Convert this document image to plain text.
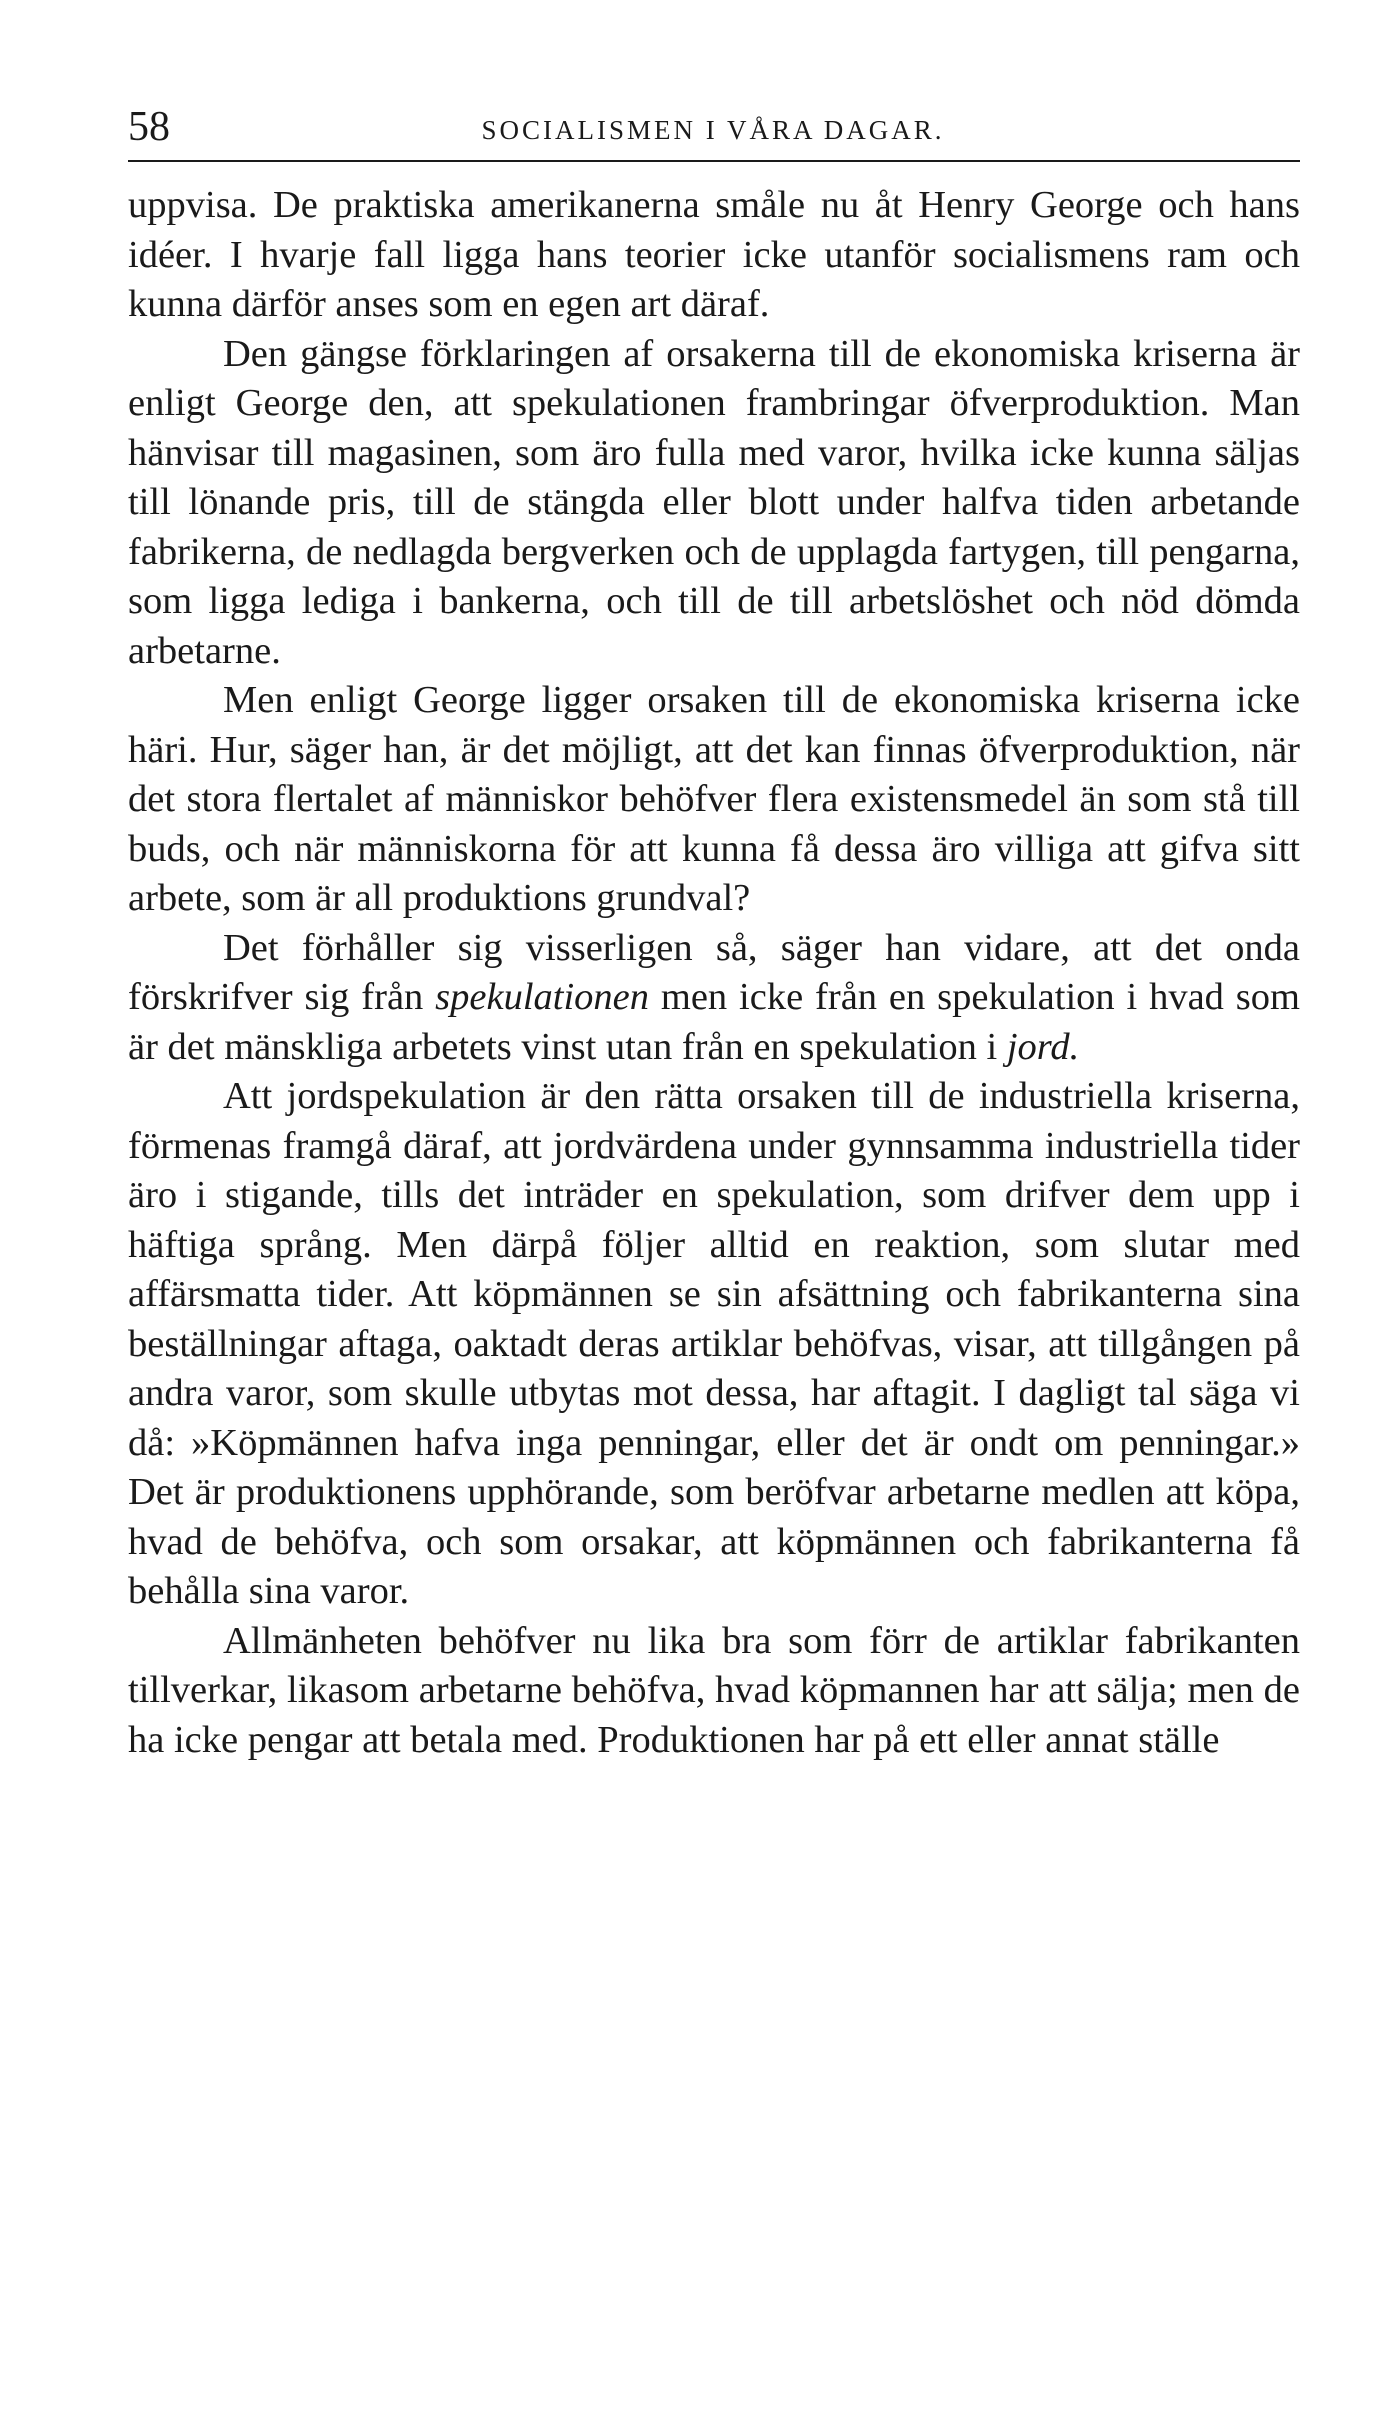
58	SOCIALISMEN I VÅRA DAGAR.

uppvisa. De praktiska amerikanerna småle nu åt Henry George och hans idéer. I hvarje fall ligga hans teorier icke utanför socialismens ram och kunna därför anses som en egen art däraf.

Den gängse förklaringen af orsakerna till de ekonomiska kriserna är enligt George den, att spekulationen frambringar öfverproduktion. Man hänvisar till magasinen, som äro fulla med varor, hvilka icke kunna säljas till lönande pris, till de stängda eller blott under halfva tiden arbetande fabrikerna, de nedlagda bergverken och de upplagda fartygen, till pengarna, som ligga lediga i bankerna, och till de till arbetslöshet och nöd dömda arbetarne.

Men enligt George ligger orsaken till de ekonomiska kriserna icke häri. Hur, säger han, är det möjligt, att det kan finnas öfverproduktion, när det stora flertalet af människor behöfver flera existensmedel än som stå till buds, och när människorna för att kunna få dessa äro villiga att gifva sitt arbete, som är all produktions grundval?

Det förhåller sig visserligen så, säger han vidare, att det onda förskrifver sig från spekulationen men icke från en spekulation i hvad som är det mänskliga arbetets vinst utan från en spekulation i jord.

Att jordspekulation är den rätta orsaken till de industriella kriserna, förmenas framgå däraf, att jordvärdena under gynnsamma industriella tider äro i stigande, tills det inträder en spekulation, som drifver dem upp i häftiga språng. Men därpå följer alltid en reaktion, som slutar med affärsmatta tider. Att köpmännen se sin afsättning och fabrikanterna sina beställningar aftaga, oaktadt deras artiklar behöfvas, visar, att tillgången på andra varor, som skulle utbytas mot dessa, har aftagit. I dagligt tal säga vi då: »Köpmännen hafva inga penningar, eller det är ondt om penningar.» Det är produktionens upphörande, som beröfvar arbetarne medlen att köpa, hvad de behöfva, och som orsakar, att köpmännen och fabrikanterna få behålla sina varor.

Allmänheten behöfver nu lika bra som förr de artiklar fabrikanten tillverkar, likasom arbetarne behöfva, hvad köpmannen har att sälja; men de ha icke pengar att betala med. Produktionen har på ett eller annat ställe
